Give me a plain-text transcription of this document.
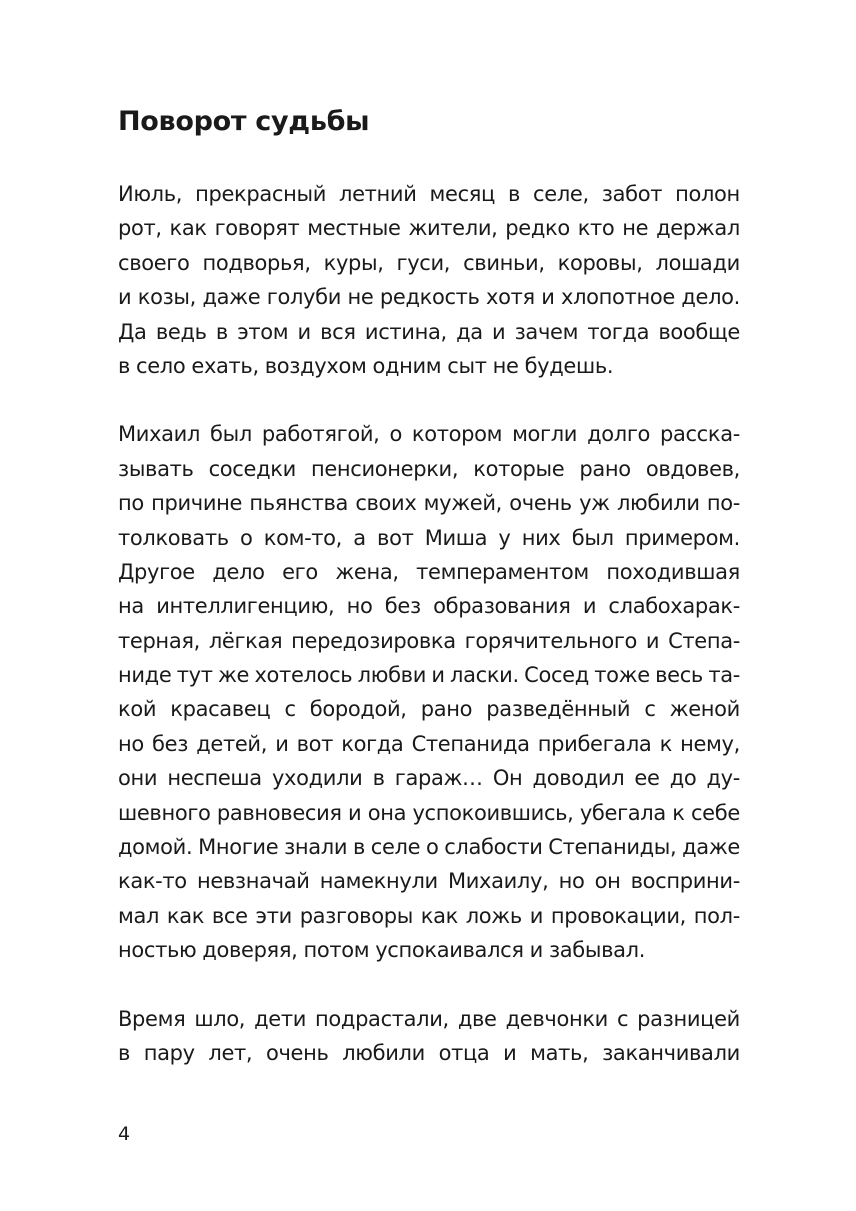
Поворот судьбы
Июль, прекрасный летний месяц в селе, забот полон
рот, как говорят местные жители, редко кто не держал
своего подворья, куры, гуси, свиньи, коровы, лошади
и козы, даже голуби не редкость хотя и хлопотное дело.
Да ведь в этом и вся истина, да и зачем тогда вообще
в село ехать, воздухом одним сыт не будешь.
Михаил был работягой, о котором могли долго расска-
зывать соседки пенсионерки, которые рано овдовев,
по причине пьянства своих мужей, очень уж любили по-
толковать о ком-то, а вот Миша у них был примером.
Другое дело его жена, темпераментом походившая
на интеллигенцию, но без образования и слабохарак-
терная, лёгкая передозировка горячительного и Степа-
ниде тут же хотелось любви и ласки. Сосед тоже весь та-
кой красавец с бородой, рано разведённый с женой
но без детей, и вот когда Степанида прибегала к нему,
они неспеша уходили в гараж… Он доводил ее до ду-
шевного равновесия и она успокоившись, убегала к себе
домой. Многие знали в селе о слабости Степаниды, даже
как-то невзначай намекнули Михаилу, но он восприни-
мал как все эти разговоры как ложь и провокации, пол-
ностью доверяя, потом успокаивался и забывал.
Время шло, дети подрастали, две девчонки с разницей
в пару лет, очень любили отца и мать, заканчивали
4
